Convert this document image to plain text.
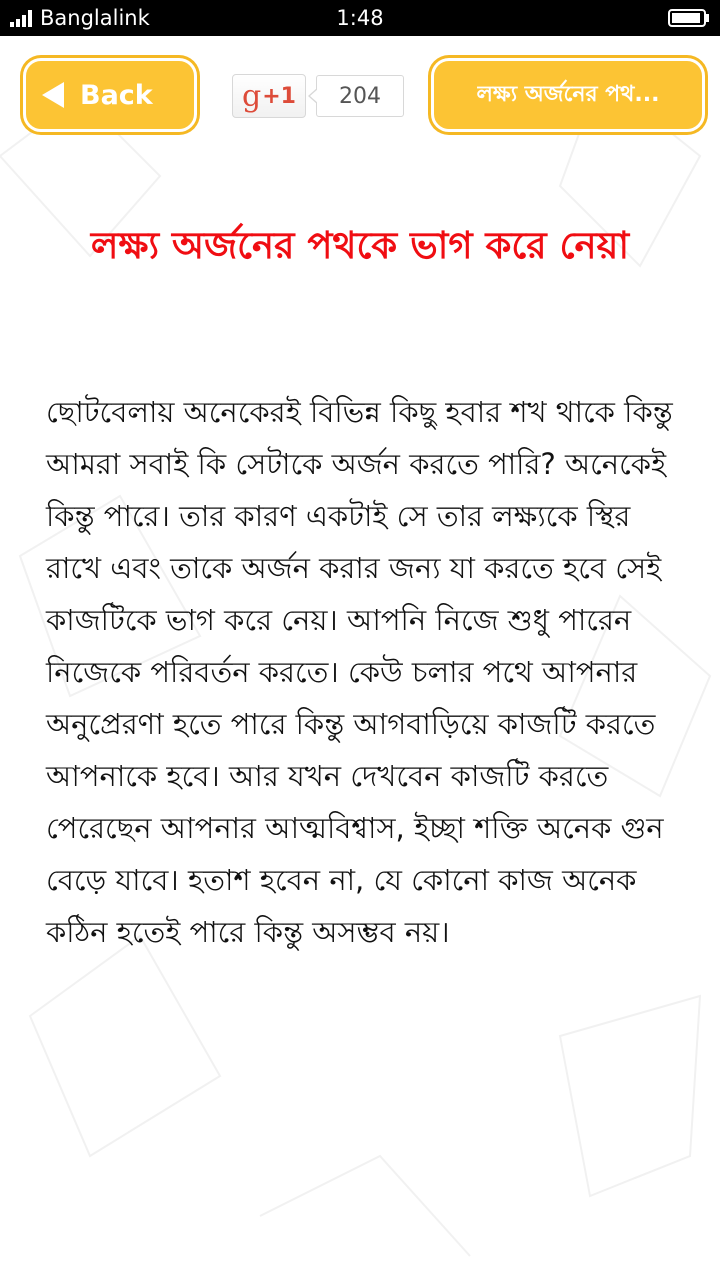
Banglalink	1:48
Back	g +1 204	লক্ষ্য অর্জনের পথ...
লক্ষ্য অর্জনের পথকে ভাগ করে নেয়া

ছোটবেলায় অনেকেরই বিভিন্ন কিছু হবার শখ থাকে কিন্তু আমরা সবাই কি সেটাকে অর্জন করতে পারি? অনেকেই কিন্তু পারে। তার কারণ একটাই সে তার লক্ষ্যকে স্থির রাখে এবং তাকে অর্জন করার জন্য যা করতে হবে সেই কাজটিকে ভাগ করে নেয়। আপনি নিজে শুধু পারেন নিজেকে পরিবর্তন করতে। কেউ চলার পথে আপনার অনুপ্রেরণা হতে পারে কিন্তু আগবাড়িয়ে কাজটি করতে আপনাকে হবে। আর যখন দেখবেন কাজটি করতে পেরেছেন আপনার আত্মবিশ্বাস, ইচ্ছা শক্তি অনেক গুন বেড়ে যাবে। হতাশ হবেন না, যে কোনো কাজ অনেক কঠিন হতেই পারে কিন্তু অসম্ভব নয়।
